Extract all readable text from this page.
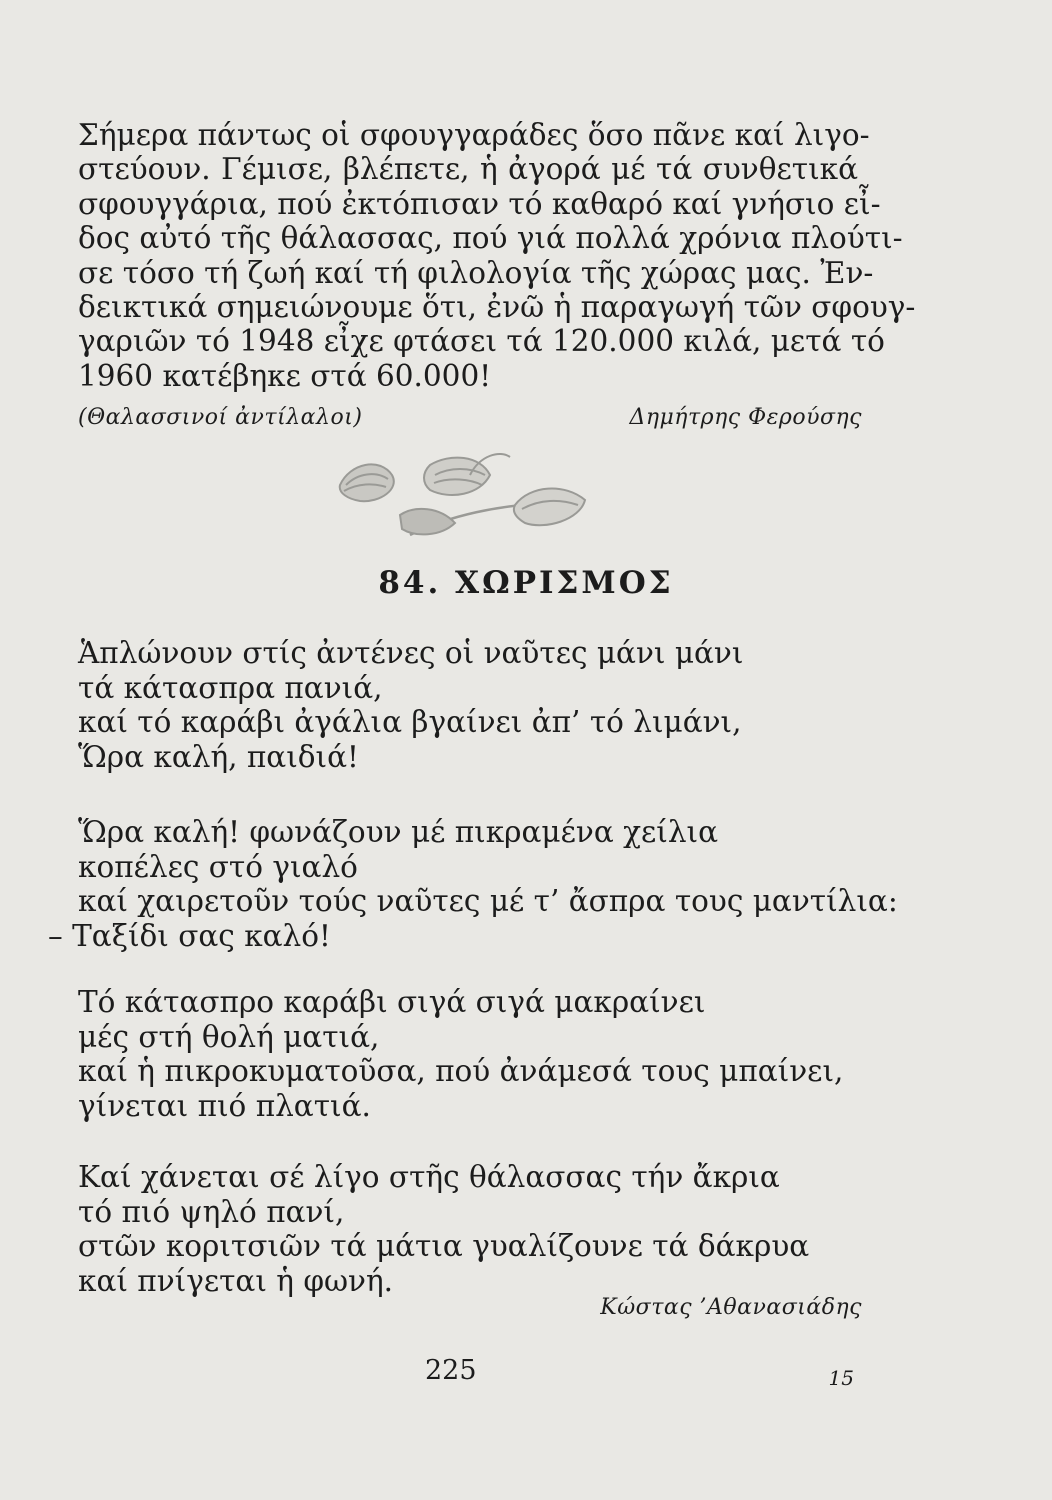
Σήμερα πάντως οἱ σφουγγαράδες ὅσο πᾶνε καί λιγο-
στεύουν. Γέμισε, βλέπετε, ἡ ἀγορά μέ τά συνθετικά
σφουγγάρια, πού ἐκτόπισαν τό καθαρό καί γνήσιο εἶ-
δος αὐτό τῆς θάλασσας, πού γιά πολλά χρόνια πλούτι-
σε τόσο τή ζωή καί τή φιλολογία τῆς χώρας μας. Ἐν-
δεικτικά σημειώνουμε ὅτι, ἐνῶ ἡ παραγωγή τῶν σφουγ-
γαριῶν τό 1948 εἶχε φτάσει τά 120.000 κιλά, μετά τό
1960 κατέβηκε στά 60.000!
(Θαλασσινοί ἀντίλαλοι)	Δημήτρης Φερούσης
84. ΧΩΡΙΣΜΟΣ
Ἁπλώνουν στίς ἀντένες οἱ ναῦτες μάνι μάνι
τά κάτασπρα πανιά,
καί τό καράβι ἀγάλια βγαίνει ἀπ’ τό λιμάνι,
Ὥρα καλή, παιδιά!
Ὥρα καλή! φωνάζουν μέ πικραμένα χείλια
κοπέλες στό γιαλό
καί χαιρετοῦν τούς ναῦτες μέ τ’ ἄσπρα τους μαντίλια:
– Ταξίδι σας καλό!
Τό κάτασπρο καράβι σιγά σιγά μακραίνει
μές στή θολή ματιά,
καί ἡ πικροκυματοῦσα, πού ἀνάμεσά τους μπαίνει,
γίνεται πιό πλατιά.
Καί χάνεται σέ λίγο στῆς θάλασσας τήν ἄκρια
τό πιό ψηλό πανί,
στῶν κοριτσιῶν τά μάτια γυαλίζουνε τά δάκρυα
καί πνίγεται ἡ φωνή.
Κώστας ’Αθανασιάδης
225	15
